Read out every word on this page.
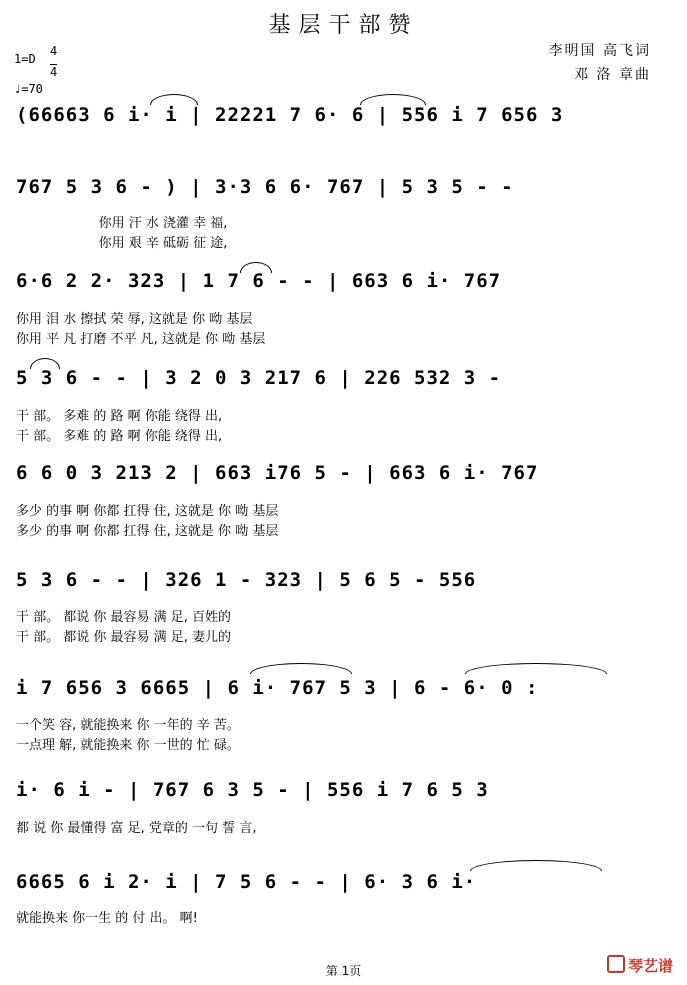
基层干部赞
李明国 高飞词
邓 洛 章曲
1=D
4
4
♩=70
(66663 6 i· i | 22221 7 6· 6 | 556 i 7 656 3
767 5 3 6 - ) | 3·3 6 6· 767 | 5 3 5 - -
你用 汗 水 浇灌 幸 福,
你用 艰 辛 砥砺 征 途,
6·6 2 2· 323 | 1 7 6 - - | 663 6 i· 767
你用 泪 水 擦拭 荣 辱, 这就是 你 呦 基层
你用 平 凡 打磨 不平 凡, 这就是 你 呦 基层
5 3 6 - - | 3 2 0 3 217 6 | 226 532 3 -
干 部。 多难 的 路 啊 你能 绕得 出,
干 部。 多难 的 路 啊 你能 绕得 出,
6 6 0 3 213 2 | 663 i76 5 - | 663 6 i· 767
多少 的事 啊 你都 扛得 住, 这就是 你 呦 基层
多少 的事 啊 你都 扛得 住, 这就是 你 呦 基层
5 3 6 - - | 326 1 - 323 | 5 6 5 - 556
干 部。 都说 你 最容易 满 足, 百姓的
干 部。 都说 你 最容易 满 足, 妻儿的
i 7 656 3 6665 | 6 i· 767 5 3 | 6 - 6· 0 :
一个笑 容, 就能换来 你 一年的 辛 苦。
一点理 解, 就能换来 你 一世的 忙 碌。
i· 6 i - | 767 6 3 5 - | 556 i 7 6 5 3
都 说 你 最懂得 富 足, 党章的 一句 誓 言,
6665 6 i 2· i | 7 5 6 - - | 6· 3 6 i·
就能换来 你一生 的 付 出。 啊!
第 1页	琴艺谱
